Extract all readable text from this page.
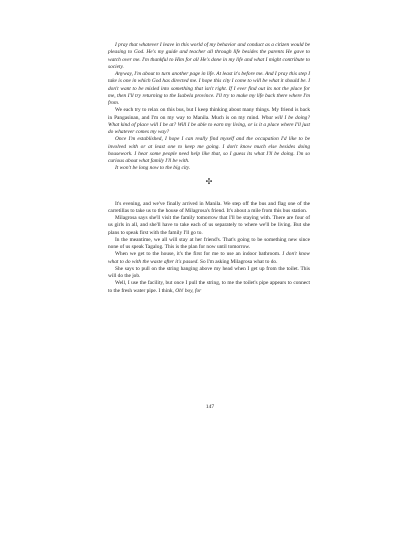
I pray that whatever I leave in this world of my behavior and conduct as a citizen would be pleasing to God. He's my guide and teacher all through life besides the parents He gave to watch over me. I'm thankful to Him for all He's done in my life and what I might contribute to society.

Anyway, I'm about to turn another page in life. At least it's before me. And I pray this step I take is one in which God has directed me. I hope this city I come to will be what it should be. I don't want to be misled into something that isn't right. If I ever find out its not the place for me, then I'll try returning to the Isabela province. I'll try to make my life back there where I'm from.

We each try to relax on this bus, but I keep thinking about many things. My friend is back in Pangasinan, and I'm on my way to Manila. Much is on my mind. What will I be doing? What kind of place will I be at? Will I be able to earn my living, or is it a place where I'll just do whatever comes my way?

Once I'm established, I hope I can really find myself and the occupation I'd like to be involved with or at least one to keep me going. I don't know much else besides doing housework. I hear some people need help like that, so I guess its what I'll be doing. I'm so curious about what family I'll be with.

It won't be long now to the big city.

✣

It's evening, and we've finally arrived in Manila. We step off the bus and flag one of the carretillas to take us to the house of Milagrosa's friend. It's about a mile from this bus station.

Milagrosa says she'll visit the family tomorrow that I'll be staying with. There are four of us girls in all, and she'll have to take each of us separately to where we'll be living. But she plans to speak first with the family I'll go to.

In the meantime, we all will stay at her friend's. That's going to be something new since none of us speak Tagalog. This is the plan for now until tomorrow.

When we get to the house, it's the first for me to use an indoor bathroom. I don't know what to do with the waste after it's passed. So I'm asking Milagrosa what to do.

She says to pull on the string hanging above my head when I get up from the toilet. This will do the job.

Well, I use the facility, but once I pull the string, to me the toilet's pipe appears to connect to the fresh water pipe. I think, Oh! boy, for

147
